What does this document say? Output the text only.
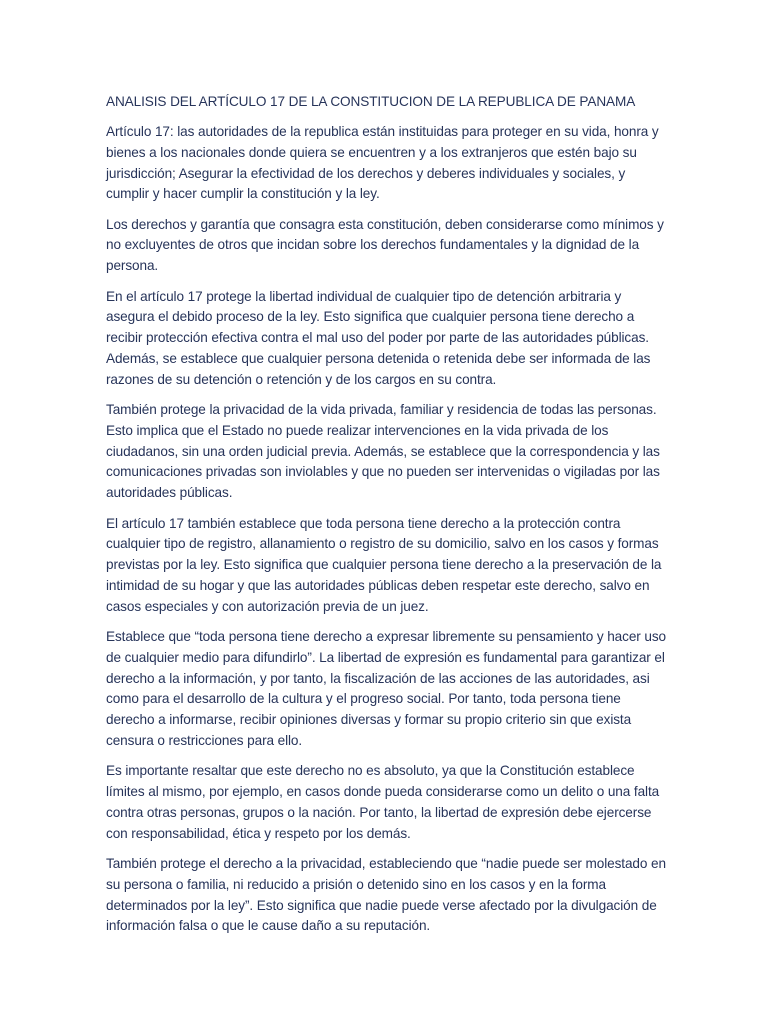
ANALISIS DEL ARTÍCULO 17 DE LA CONSTITUCION DE LA REPUBLICA DE PANAMA

Artículo 17: las autoridades de la republica están instituidas para proteger en su vida, honra y bienes a los nacionales donde quiera se encuentren y a los extranjeros que estén bajo su jurisdicción; Asegurar la efectividad de los derechos y deberes individuales y sociales, y cumplir y hacer cumplir la constitución y la ley.

Los derechos y garantía que consagra esta constitución, deben considerarse como mínimos y no excluyentes de otros que incidan sobre los derechos fundamentales y la dignidad de la persona.

En el artículo 17 protege la libertad individual de cualquier tipo de detención arbitraria y asegura el debido proceso de la ley. Esto significa que cualquier persona tiene derecho a recibir protección efectiva contra el mal uso del poder por parte de las autoridades públicas. Además, se establece que cualquier persona detenida o retenida debe ser informada de las razones de su detención o retención y de los cargos en su contra.

También protege la privacidad de la vida privada, familiar y residencia de todas las personas. Esto implica que el Estado no puede realizar intervenciones en la vida privada de los ciudadanos, sin una orden judicial previa. Además, se establece que la correspondencia y las comunicaciones privadas son inviolables y que no pueden ser intervenidas o vigiladas por las autoridades públicas.

El artículo 17 también establece que toda persona tiene derecho a la protección contra cualquier tipo de registro, allanamiento o registro de su domicilio, salvo en los casos y formas previstas por la ley. Esto significa que cualquier persona tiene derecho a la preservación de la intimidad de su hogar y que las autoridades públicas deben respetar este derecho, salvo en casos especiales y con autorización previa de un juez.

Establece que “toda persona tiene derecho a expresar libremente su pensamiento y hacer uso de cualquier medio para difundirlo”. La libertad de expresión es fundamental para garantizar el derecho a la información, y por tanto, la fiscalización de las acciones de las autoridades, asi como para el desarrollo de la cultura y el progreso social. Por tanto, toda persona tiene derecho a informarse, recibir opiniones diversas y formar su propio criterio sin que exista censura o restricciones para ello.

Es importante resaltar que este derecho no es absoluto, ya que la Constitución establece límites al mismo, por ejemplo, en casos donde pueda considerarse como un delito o una falta contra otras personas, grupos o la nación. Por tanto, la libertad de expresión debe ejercerse con responsabilidad, ética y respeto por los demás.

También protege el derecho a la privacidad, estableciendo que “nadie puede ser molestado en su persona o familia, ni reducido a prisión o detenido sino en los casos y en la forma determinados por la ley”. Esto significa que nadie puede verse afectado por la divulgación de información falsa o que le cause daño a su reputación.
